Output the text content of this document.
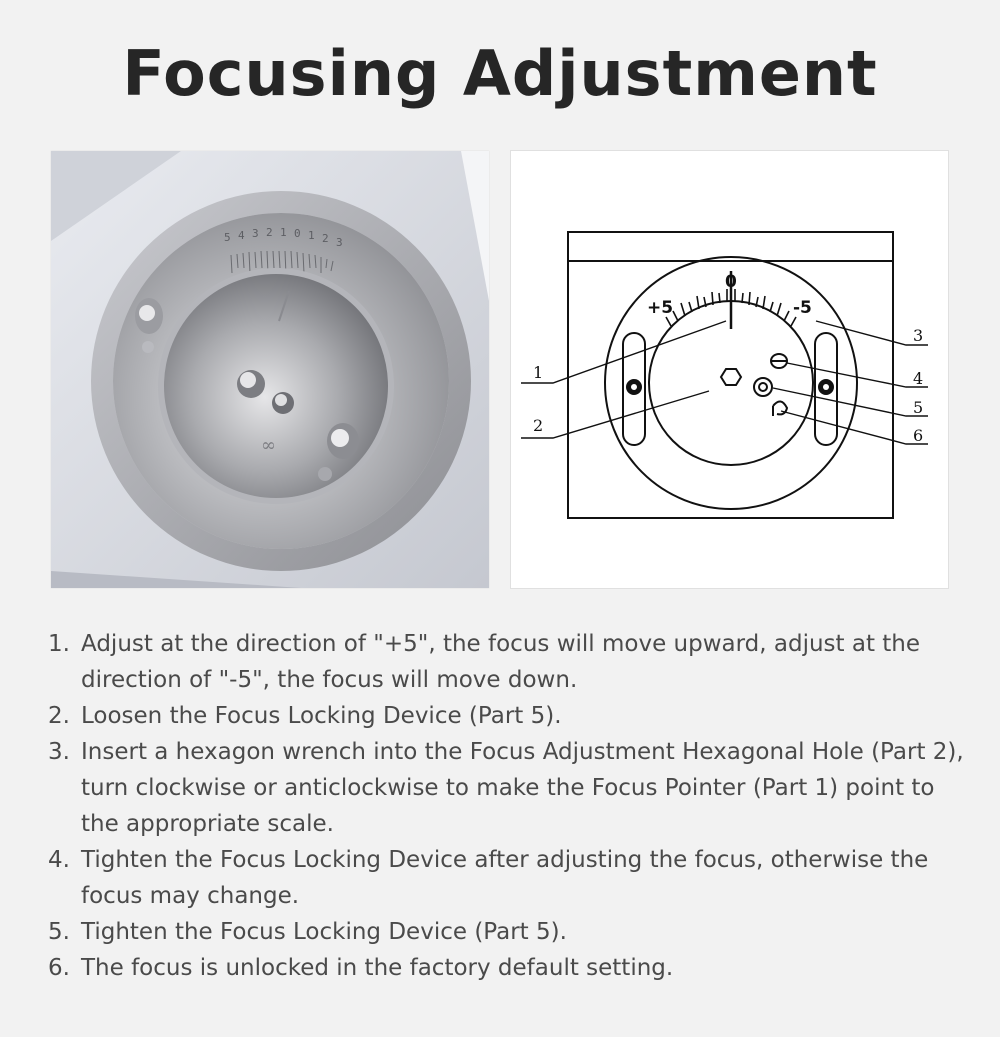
Focusing Adjustment
5 4 3 2 1 0 1 2 3
∞
+5
0
-5
1
2
3
4
5
6
1. Adjust at the direction of "+5", the focus will move upward, adjust at the direction of "-5", the focus will move down.
2. Loosen the Focus Locking Device (Part 5).
3. Insert a hexagon wrench into the Focus Adjustment Hexagonal Hole (Part 2), turn clockwise or anticlockwise to make the Focus Pointer (Part 1) point to the appropriate scale.
4. Tighten the Focus Locking Device after adjusting the focus, otherwise the focus may change.
5. Tighten the Focus Locking Device (Part 5).
6. The focus is unlocked in the factory default setting.
